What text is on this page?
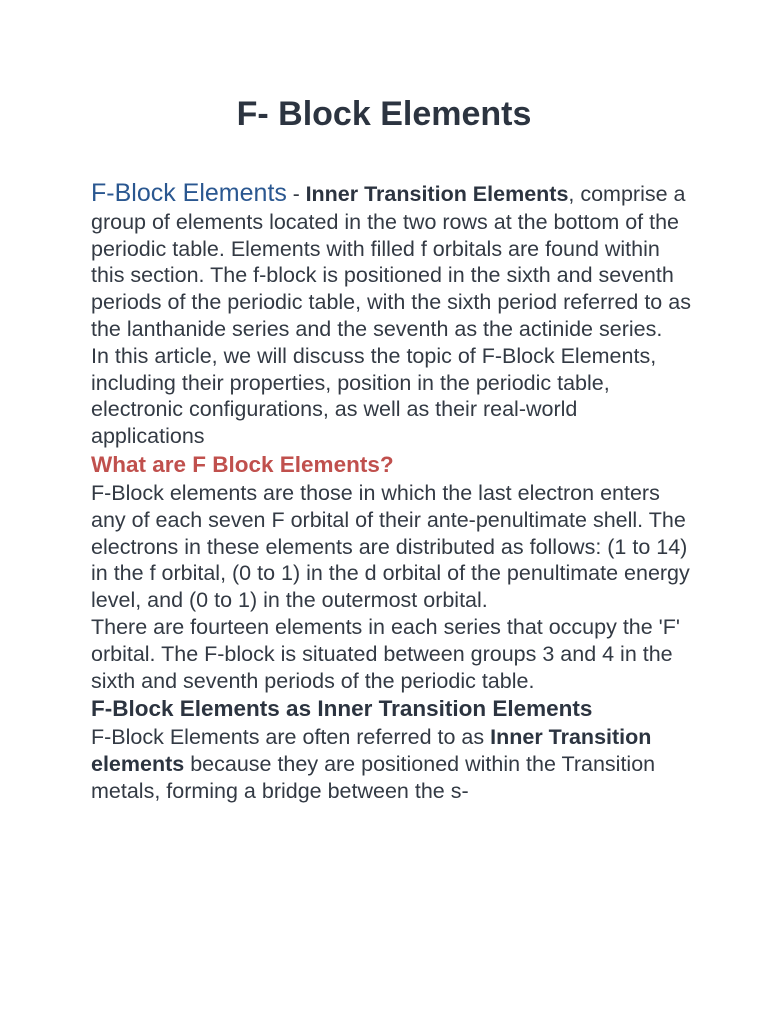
F- Block Elements

F-Block Elements - Inner Transition Elements, comprise a group of elements located in the two rows at the bottom of the periodic table. Elements with filled f orbitals are found within this section. The f-block is positioned in the sixth and seventh periods of the periodic table, with the sixth period referred to as the lanthanide series and the seventh as the actinide series.

In this article, we will discuss the topic of F-Block Elements, including their properties, position in the periodic table, electronic configurations, as well as their real-world applications

What are F Block Elements?

F-Block elements are those in which the last electron enters any of each seven F orbital of their ante-penultimate shell. The electrons in these elements are distributed as follows: (1 to 14) in the f orbital, (0 to 1) in the d orbital of the penultimate energy level, and (0 to 1) in the outermost orbital.

There are fourteen elements in each series that occupy the 'F' orbital. The F-block is situated between groups 3 and 4 in the sixth and seventh periods of the periodic table.

F-Block Elements as Inner Transition Elements

F-Block Elements are often referred to as Inner Transition elements because they are positioned within the Transition metals, forming a bridge between the s-
